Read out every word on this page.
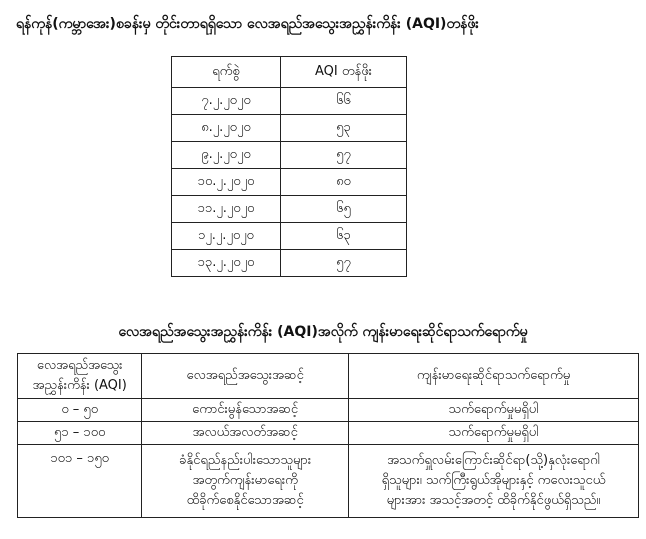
ရန်ကုန်(ကမ္ဘာအေး)စခန်းမှ တိုင်းတာရရှိသော လေအရည်အသွေးအညွှန်းကိန်း (AQI)တန်ဖိုး
ရက်စွဲ	AQI တန်ဖိုး
၇.၂.၂၀၂၀	၆၆
၈.၂.၂၀၂၀	၅၃
၉.၂.၂၀၂၀	၅၇
၁၀.၂.၂၀၂၀	၈၀
၁၁.၂.၂၀၂၀	၆၅
၁၂.၂.၂၀၂၀	၆၃
၁၃.၂.၂၀၂၀	၅၇
လေအရည်အသွေးအညွှန်းကိန်း (AQI)အလိုက် ကျန်းမာရေးဆိုင်ရာသက်ရောက်မှု
လေအရည်အသွေး
အညွှန်းကိန်း (AQI)	လေအရည်အသွေးအဆင့်	ကျန်းမာရေးဆိုင်ရာသက်ရောက်မှု
၀ – ၅၀	ကောင်းမွန်သောအဆင့်	သက်ရောက်မှုမရှိပါ
၅၁ – ၁၀၀	အလယ်အလတ်အဆင့်	သက်ရောက်မှုမရှိပါ
၁၀၁ – ၁၅၀	ခံနိုင်ရည်နည်းပါးသောသူများ
အတွက်ကျန်းမာရေးကို
ထိခိုက်စေနိုင်သောအဆင့်	အသက်ရှူလမ်းကြောင်းဆိုင်ရာ(သို့)နှလုံးရောဂါ
ရှိသူများ၊ သက်ကြီးရွယ်အိုများနှင့် ကလေးသူငယ်
များအား အသင့်အတင့် ထိခိုက်နိုင်ဖွယ်ရှိသည်။
